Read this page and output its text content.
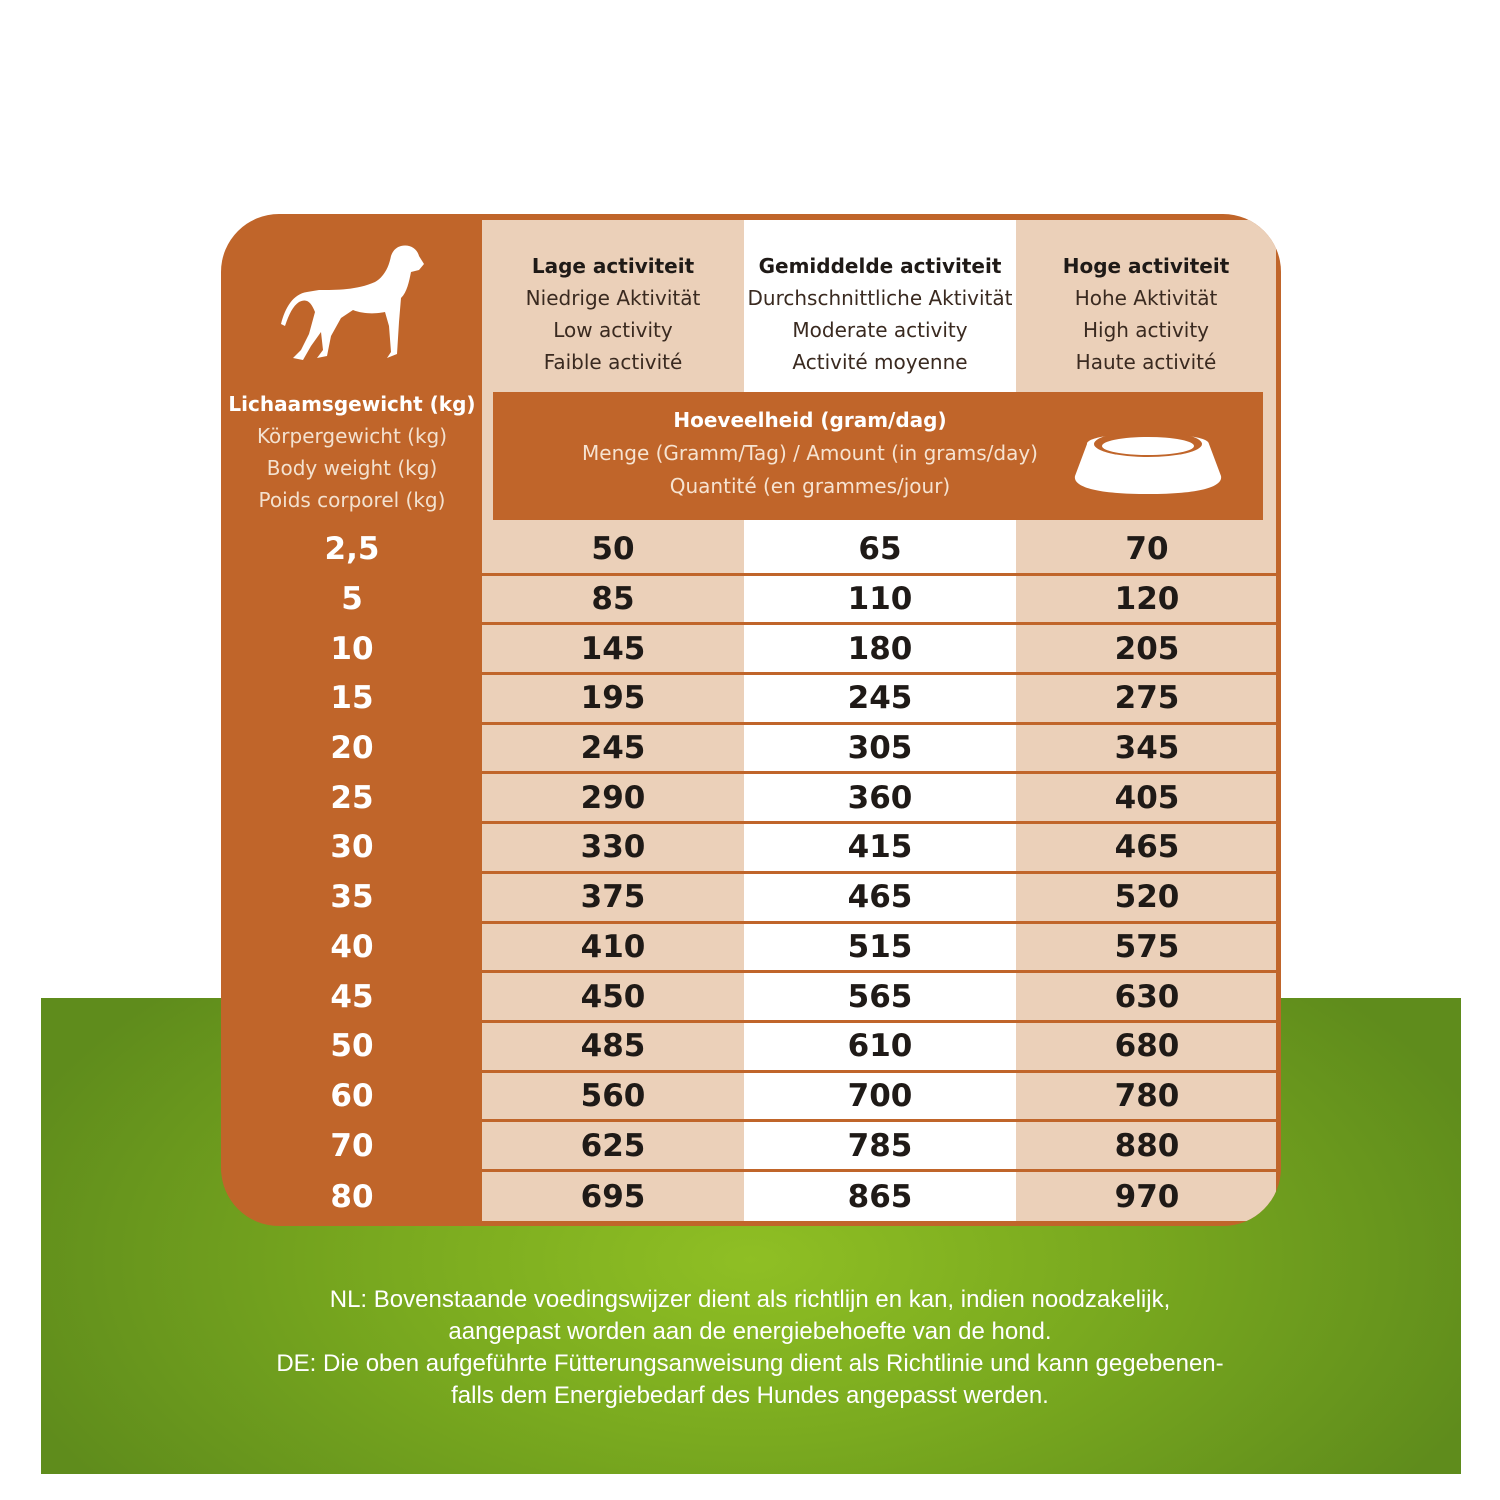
Lichaamsgewicht (kg)
Körpergewicht (kg)
Body weight (kg)
Poids corporel (kg)
Lage activiteit
Niedrige Aktivität
Low activity
Faible activité
Gemiddelde activiteit
Durchschnittliche Aktivität
Moderate activity
Activité moyenne
Hoge activiteit
Hohe Aktivität
High activity
Haute activité
Hoeveelheid (gram/dag)
Menge (Gramm/Tag) / Amount (in grams/day)
Quantité (en grammes/jour)
2,5	50	65	70
5	85	110	120
10	145	180	205
15	195	245	275
20	245	305	345
25	290	360	405
30	330	415	465
35	375	465	520
40	410	515	575
45	450	565	630
50	485	610	680
60	560	700	780
70	625	785	880
80	695	865	970
NL: Bovenstaande voedingswijzer dient als richtlijn en kan, indien noodzakelijk,
aangepast worden aan de energiebehoefte van de hond.
DE: Die oben aufgeführte Fütterungsanweisung dient als Richtlinie und kann gegebenen-
falls dem Energiebedarf des Hundes angepasst werden.
